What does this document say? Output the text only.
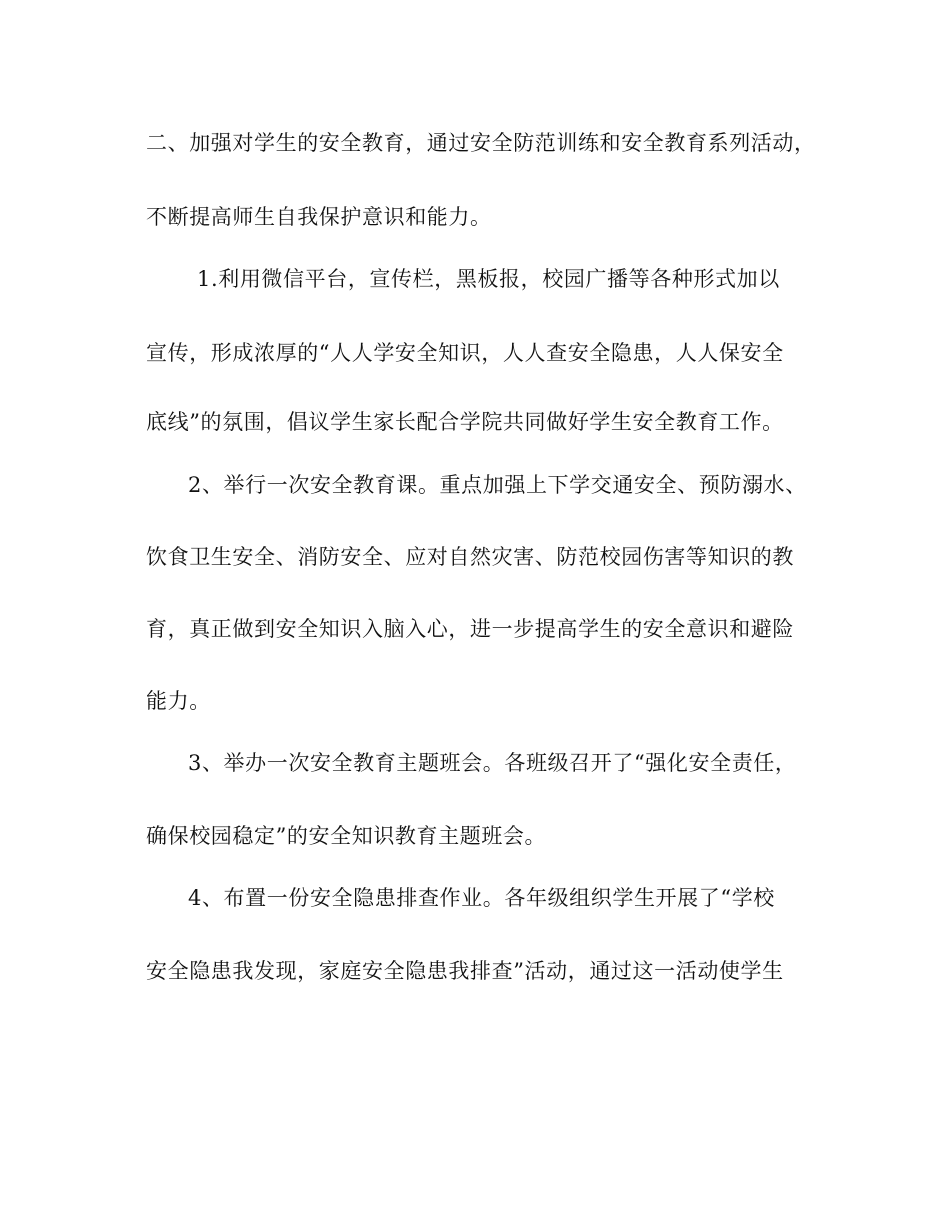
二、加强对学生的安全教育，通过安全防范训练和安全教育系列活动，
不断提高师生自我保护意识和能力。
1.利用微信平台，宣传栏，黑板报，校园广播等各种形式加以
宣传，形成浓厚的“人人学安全知识，人人查安全隐患，人人保安全
底线”的氛围，倡议学生家长配合学院共同做好学生安全教育工作。
2、举行一次安全教育课。重点加强上下学交通安全、预防溺水、
饮食卫生安全、消防安全、应对自然灾害、防范校园伤害等知识的教
育，真正做到安全知识入脑入心，进一步提高学生的安全意识和避险
能力。
3、举办一次安全教育主题班会。各班级召开了“强化安全责任，
确保校园稳定”的安全知识教育主题班会。
4、布置一份安全隐患排查作业。各年级组织学生开展了“学校
安全隐患我发现，家庭安全隐患我排查”活动，通过这一活动使学生
